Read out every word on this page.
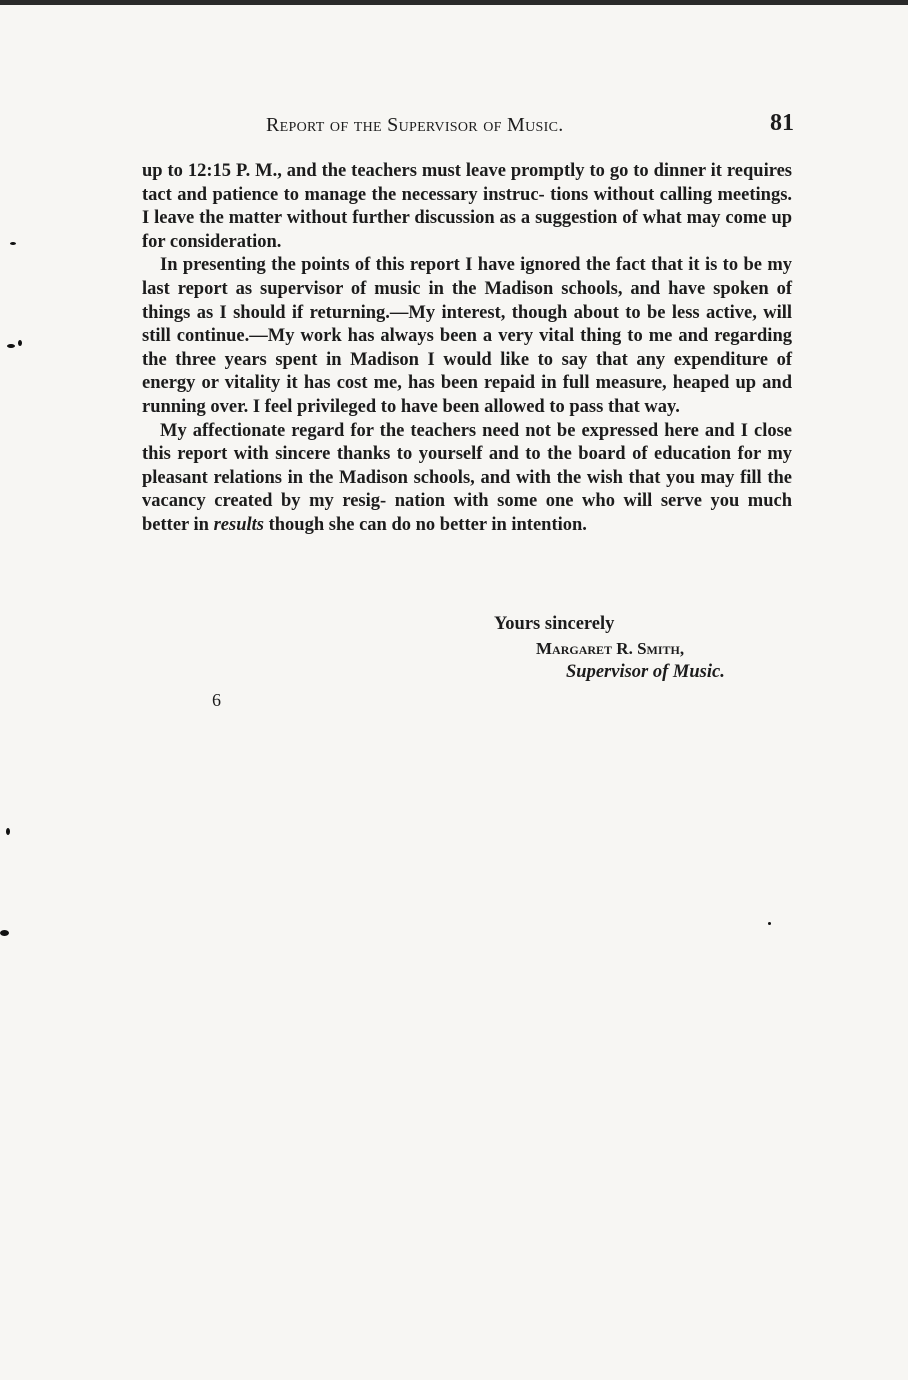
Report of the Supervisor of Music.	81

up to 12:15 P. M., and the teachers must leave promptly to go to dinner it requires tact and patience to manage the necessary instruc- tions without calling meetings. I leave the matter without further discussion as a suggestion of what may come up for consideration.

In presenting the points of this report I have ignored the fact that it is to be my last report as supervisor of music in the Madison schools, and have spoken of things as I should if returning.—My interest, though about to be less active, will still continue.—My work has always been a very vital thing to me and regarding the three years spent in Madison I would like to say that any expenditure of energy or vitality it has cost me, has been repaid in full measure, heaped up and running over. I feel privileged to have been allowed to pass that way.

My affectionate regard for the teachers need not be expressed here and I close this report with sincere thanks to yourself and to the board of education for my pleasant relations in the Madison schools, and with the wish that you may fill the vacancy created by my resig- nation with some one who will serve you much better in results though she can do no better in intention.

Yours sincerely
Margaret R. Smith,
Supervisor of Music.
6
